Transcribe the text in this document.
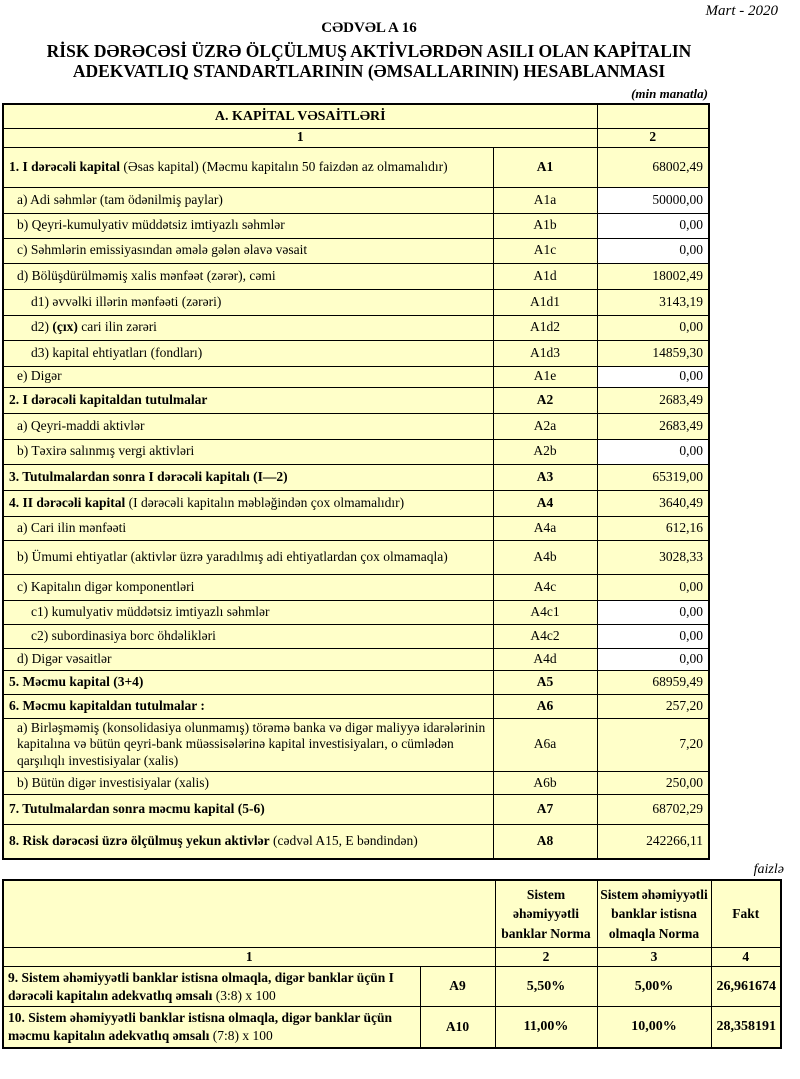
Mart - 2020
CƏDVƏL A 16
RİSK DƏRƏCƏSİ ÜZRƏ ÖLÇÜLMUŞ AKTİVLƏRDƏN ASILI OLAN KAPİTALIN
ADEKVATLIQ STANDARTLARININ (ƏMSALLARININ) HESABLANMASI
(min manatla)
A. KAPİTAL VƏSAİTLƏRİ		
1		2
1. I dərəcəli kapital (Əsas kapital) (Məcmu kapitalın 50 faizdən az olmamalıdır)	A1	68002,49
a) Adi səhmlər (tam ödənilmiş paylar)	A1a	50000,00
b) Qeyri-kumulyativ müddətsiz imtiyazlı səhmlər	A1b	0,00
c) Səhmlərin emissiyasından əmələ gələn əlavə vəsait	A1c	0,00
d) Bölüşdürülməmiş xalis mənfəət (zərər), cəmi	A1d	18002,49
d1) əvvəlki illərin mənfəəti (zərəri)	A1d1	3143,19
d2) (çıx) cari ilin zərəri	A1d2	0,00
d3) kapital ehtiyatları (fondları)	A1d3	14859,30
e) Digər	A1e	0,00
2. I dərəcəli kapitaldan tutulmalar	A2	2683,49
a) Qeyri-maddi aktivlər	A2a	2683,49
b) Təxirə salınmış vergi aktivləri	A2b	0,00
3. Tutulmalardan sonra I dərəcəli kapitalı (I—2)	A3	65319,00
4. II dərəcəli kapital (I dərəcəli kapitalın məbləğindən çox olmamalıdır)	A4	3640,49
a) Cari ilin mənfəəti	A4a	612,16
b) Ümumi ehtiyatlar (aktivlər üzrə yaradılmış adi ehtiyatlardan çox olmamaqla)	A4b	3028,33
c) Kapitalın digər komponentləri	A4c	0,00
c1) kumulyativ müddətsiz imtiyazlı səhmlər	A4c1	0,00
c2) subordinasiya borc öhdəlikləri	A4c2	0,00
d) Digər vəsaitlər	A4d	0,00
5. Məcmu kapital (3+4)	A5	68959,49
6. Məcmu kapitaldan tutulmalar :	A6	257,20
a) Birləşməmiş (konsolidasiya olunmamış) törəmə banka və digər maliyyə idarələrinin kapitalına və bütün qeyri-bank müəssisələrinə kapital investisiyaları, o cümlədən qarşılıqlı investisiyalar (xalis)	A6a	7,20
b) Bütün digər investisiyalar (xalis)	A6b	250,00
7. Tutulmalardan sonra məcmu kapital (5-6)	A7	68702,29
8. Risk dərəcəsi üzrə ölçülmuş yekun aktivlər (cədvəl A15, E bəndindən)	A8	242266,11
faizlə
		Sistem əhəmiyyətli banklar Norma	Sistem əhəmiyyətli banklar istisna olmaqla Norma	Fakt
1		2	3	4
9. Sistem əhəmiyyətli banklar istisna olmaqla, digər banklar üçün I dərəcəli kapitalın adekvatlıq əmsalı (3:8) x 100	A9	5,50%	5,00%	26,961674
10. Sistem əhəmiyyətli banklar istisna olmaqla, digər banklar üçün məcmu kapitalın adekvatlıq əmsalı (7:8) x 100	A10	11,00%	10,00%	28,358191
